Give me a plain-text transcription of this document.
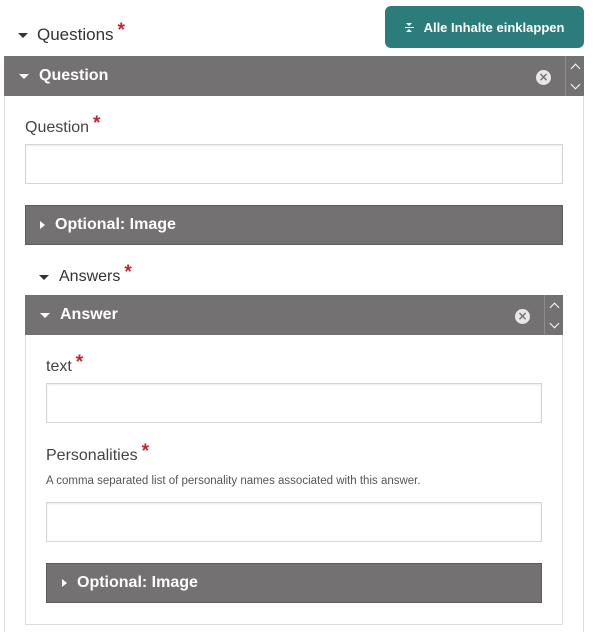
Questions *	Alle Inhalte einklappen
Question	×
Question *
Optional: Image
Answers *
Answer	×
text *
Personalities *
A comma separated list of personality names associated with this answer.
Optional: Image
